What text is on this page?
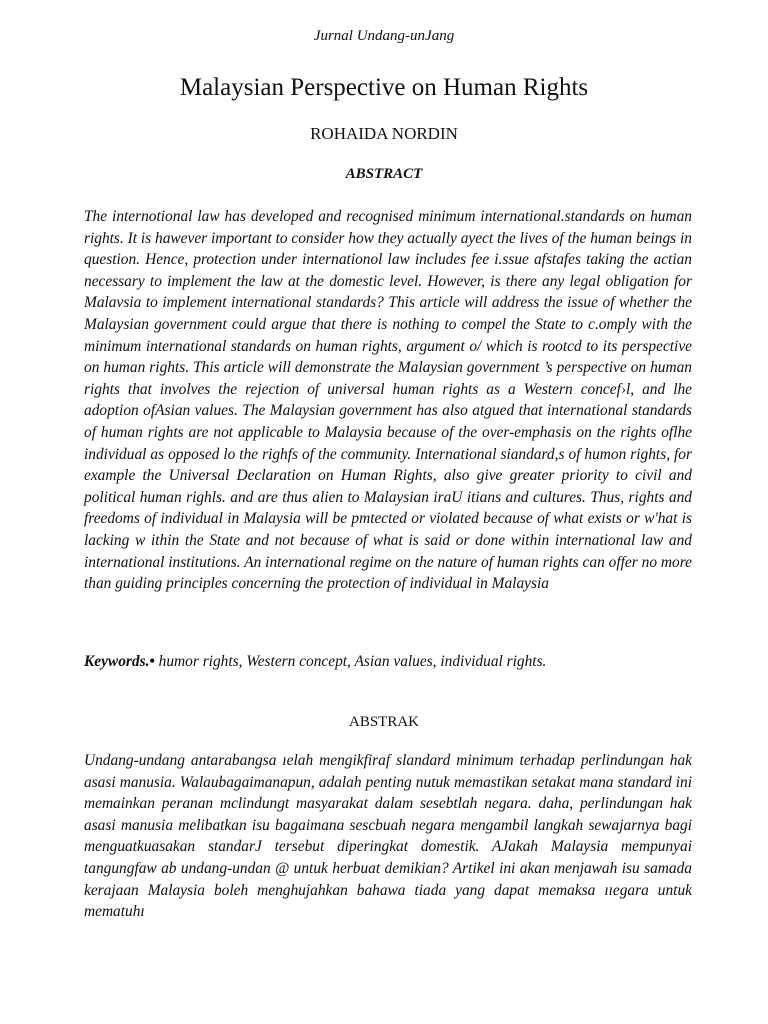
Jurnal Undang-unJang
Malaysian Perspective on Human Rights
ROHAIDA NORDIN
ABSTRACT
The internotional law has developed and recognised minimum international.standards on human rights. It is hawever important to consider how they actually ayect the lives of the human beings in question. Hence, protection under internationol law includes fee i.ssue afstafes taking the actian necessary to implement the law at the domestic level. However, is there any legal obligation for Malavsia to implement international standards? This article will address the issue of whether the Malaysian government could argue that there is nothing to compel the State to c.omply with the minimum international standards on human rights, argument o/ which is rootcd to its perspective on human rights. This article will demonstrate the Malaysian government ’s perspective on human rights that involves the rejection of universal human rights as a Western concef›l, and lhe adoption ofAsian values. The Malaysian government has also atgued that international standards of human rights are not applicable to Malaysia because of the over-emphasis on the rights oflhe individual as opposed lo the righfs of the community. International siandard,s of humon rights, for example the Universal Declaration on Human Rights, also give greater priority to civil and political human righls. and are thus alien to Malaysian iraU itians and cultures. Thus, rights and freedoms of individual in Malaysia will be pmtected or violated because of what exists or w'hat is lacking w ithin the State and not because of what is said or done within international law and international institutions. An international regime on the nature of human rights can offer no more than guiding principles concerning the protection of individual in Malaysia
Keywords.• humor rights, Western concept, Asian values, individual rights.
ABSTRAK
Undang-undang antarabangsa ıelah mengikfiraf slandard minimum terhadap perlindungan hak asasi manusia. Walaubagaimanapun, adalah penting nutuk memastikan setakat mana standard ini memainkan peranan mclindungt masyarakat dalam sesebtlah negara. daha, perlindungan hak asasi manusia melibatkan isu bagaimana sescbuah negara mengambil langkah sewajarnya bagi menguatkuasakan standarJ tersebut diperingkat domestik. AJakah Malaysia mempunyai tangungfaw ab undang-undan @ untuk herbuat demikian? Artikel ini akan menjawah isu samada kerajaan Malaysia boleh menghujahkan bahawa tiada yang dapat memaksa ııegara untuk mematuhı
